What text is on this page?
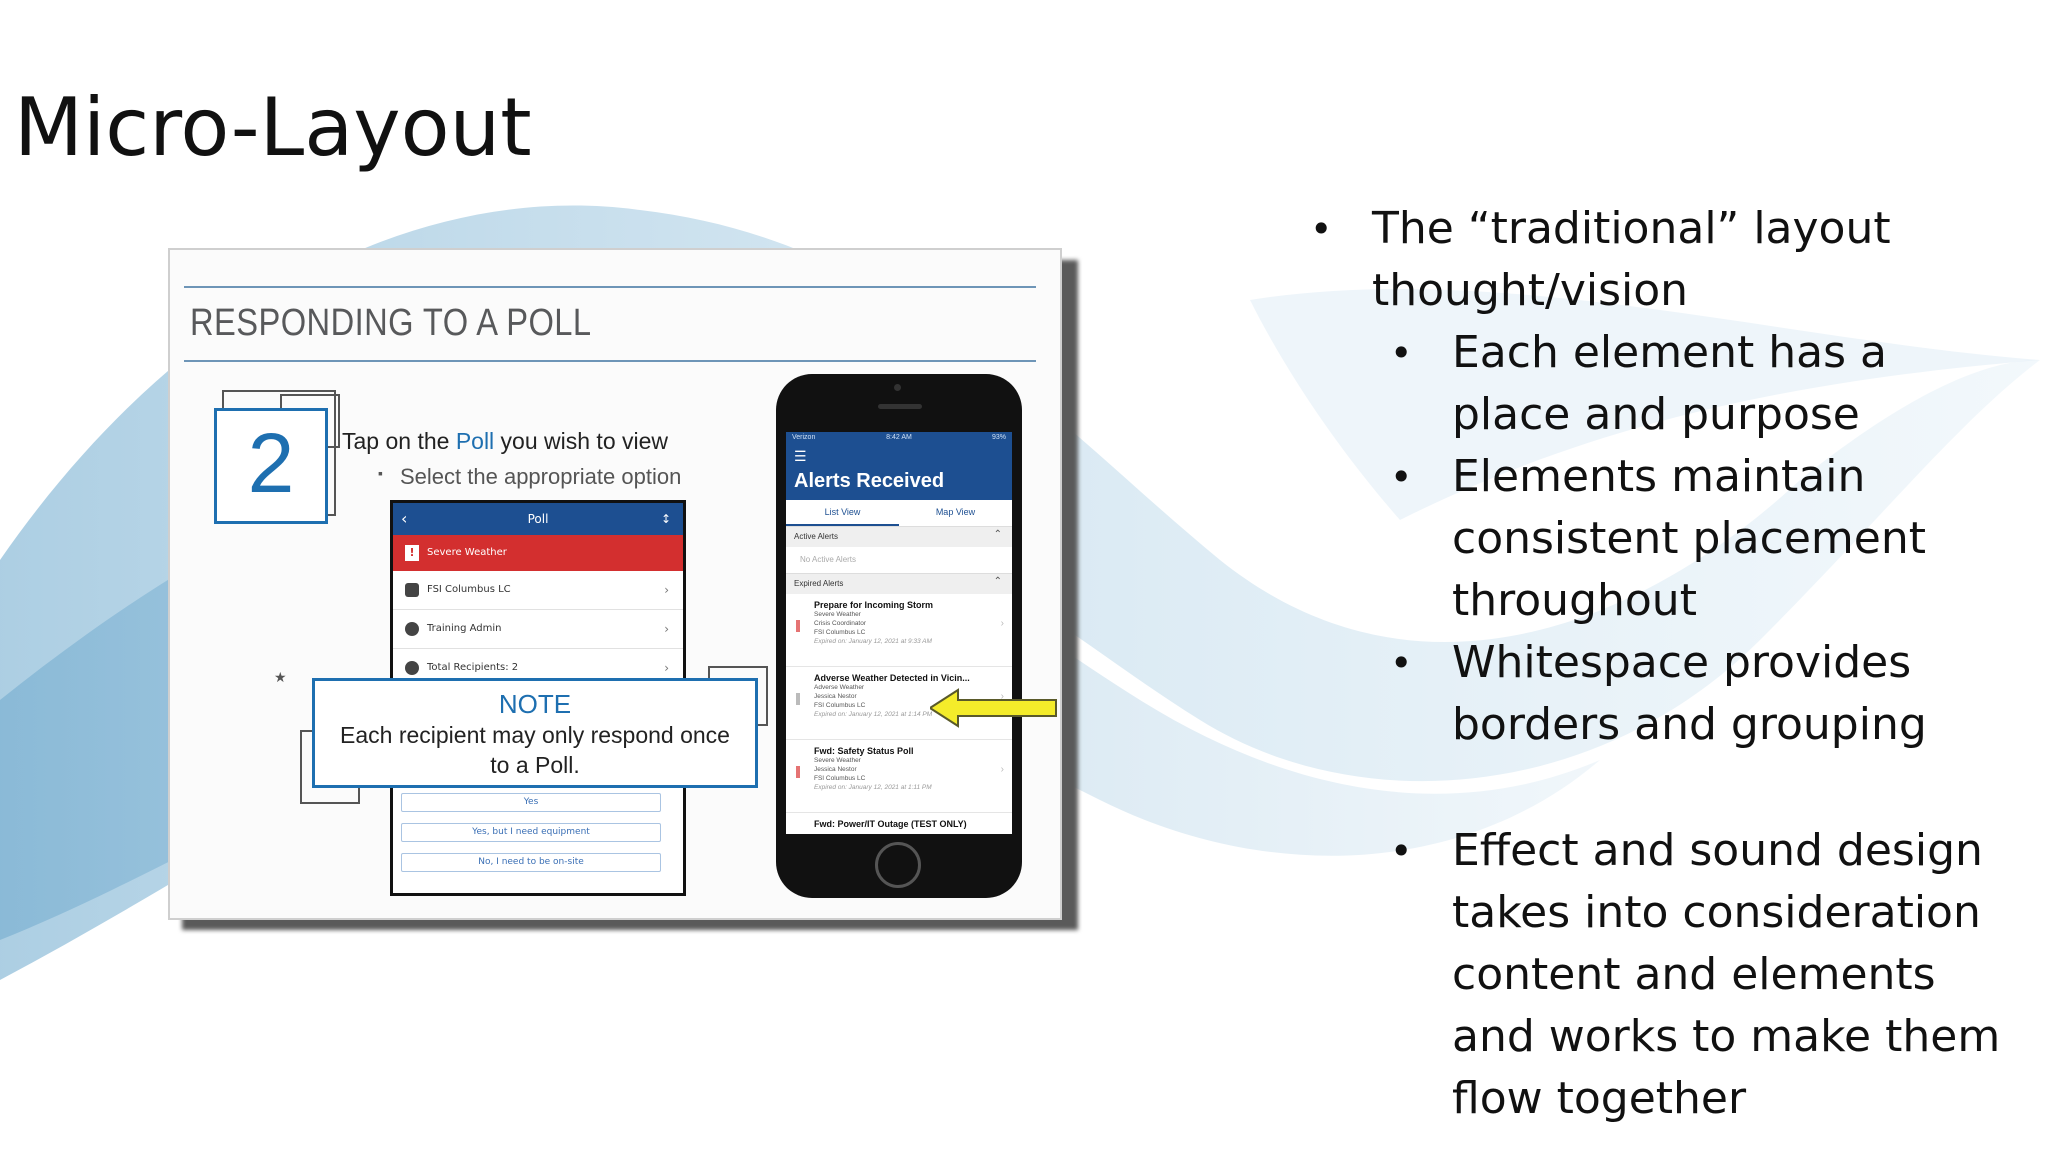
Micro-Layout
RESPONDING TO A POLL
2	Tap on the Poll you wish to view
▪ Select the appropriate option
‹	Poll	↕
! Severe Weather
FSI Columbus LC	›
Training Admin	›
Total Recipients: 2	›
Yes
Yes, but I need equipment
No, I need to be on-site
★
NOTE
Each recipient may only respond once to a Poll.
Verizon	8:42 AM	93%
☰
Alerts Received
List View	Map View
Active Alerts ⌃
No Active Alerts
Expired Alerts ⌃
Prepare for Incoming Storm
Severe Weather
Crisis Coordinator
FSI Columbus LC
Expired on: January 12, 2021 at 9:33 AM
›
Adverse Weather Detected in Vicin...
Adverse Weather
Jessica Nestor
FSI Columbus LC
Expired on: January 12, 2021 at 1:14 PM
›
Fwd: Safety Status Poll
Severe Weather
Jessica Nestor
FSI Columbus LC
Expired on: January 12, 2021 at 1:11 PM
›
Fwd: Power/IT Outage (TEST ONLY)
• The “traditional” layout thought/vision
• Each element has a place and purpose
• Elements maintain consistent placement throughout
• Whitespace provides borders and grouping
• Effect and sound design takes into consideration content and elements and works to make them flow together
